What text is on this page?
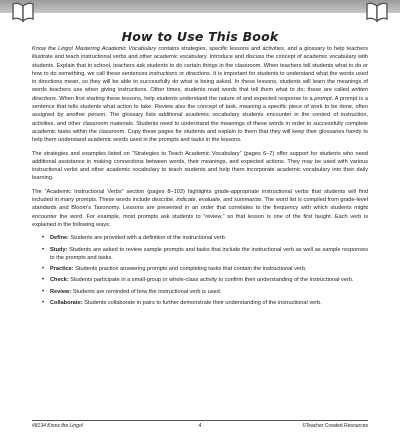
How to Use This Book

Know the Lingo! Mastering Academic Vocabulary contains strategies, specific lessons and activities, and a glossary to help teachers illustrate and teach instructional verbs and other academic vocabulary. Introduce and discuss the concept of academic vocabulary with students. Explain that in school, teachers ask students to do certain things in the classroom. When teachers tell students what to do or how to do something, we call these sentences instructions or directions. It is important for students to understand what the words used in directions mean, so they will be able to successfully do what is being asked. In these lessons, students will learn the meanings of words teachers use when giving instructions. Other times, students read words that tell them what to do; these are called written directions. When first starting these lessons, help students understand the nature of and expected response to a prompt. A prompt is a sentence that tells students what action to take. Review also the concept of task, meaning a specific piece of work to be done, often assigned by another person. The glossary lists additional academic vocabulary students encounter in the context of instruction, activities, and other classroom materials. Students need to understand the meanings of these words in order to successfully complete academic tasks within the classroom. Copy these pages for students and explain to them that they will keep their glossaries handy to help them understand academic words used in the prompts and tasks in the lessons.

The strategies and examples listed on “Strategies to Teach Academic Vocabulary” (pages 6–7) offer support for students who need additional assistance in making connections between words, their meanings, and expected actions. They may be used with various instructional verbs and other academic vocabulary to teach students and help them incorporate academic vocabulary into their daily learning.

The “Academic Instructional Verbs” section (pages 8–103) highlights grade-appropriate instructional verbs that students will find included in many prompts. These words include describe, indicate, evaluate, and summarize. The word list is compiled from grade-level standards and Bloom’s Taxonomy. Lessons are presented in an order that correlates to the frequency with which students might encounter the word. For example, most prompts ask students to “review,” so that lesson is one of the first taught. Each verb is explained in the following ways:

• Define: Students are provided with a definition of the instructional verb.
• Study: Students are asked to review sample prompts and tasks that include the instructional verb as well as sample responses to the prompts and tasks.
• Practice: Students practice answering prompts and completing tasks that contain the instructional verb.
• Check: Students participate in a small-group or whole-class activity to confirm their understanding of the instructional verb.
• Review: Students are reminded of how the instructional verb is used.
• Collaborate: Students collaborate in pairs to further demonstrate their understanding of the instructional verb.
#8134 Know the Lingo!	4	©Teacher Created Resources
